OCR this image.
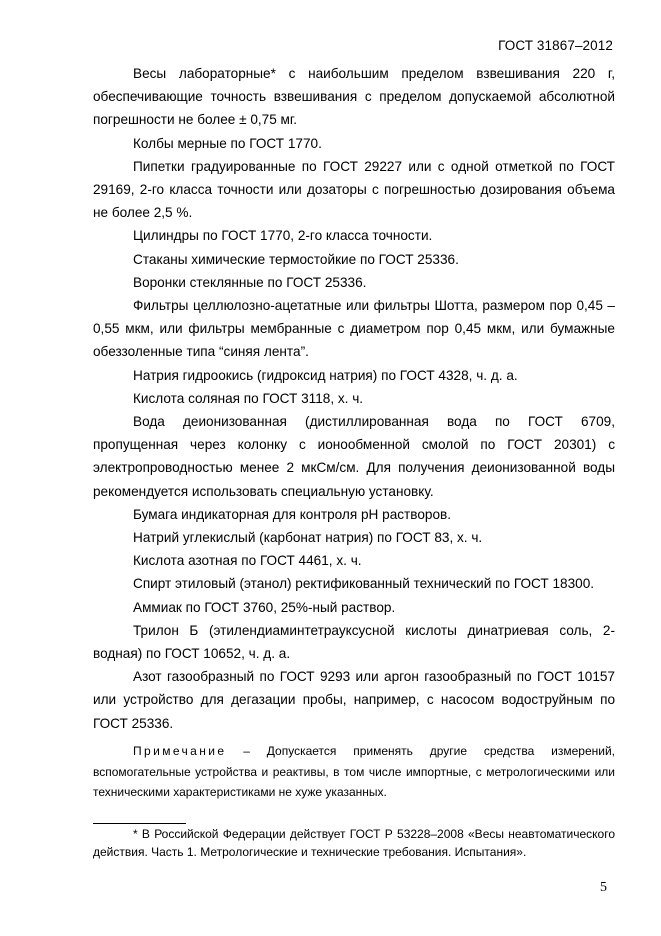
ГОСТ 31867–2012

Весы лабораторные* с наибольшим пределом взвешивания 220 г, обеспечивающие точность взвешивания с пределом допускаемой абсолютной погрешности не более ± 0,75 мг.

Колбы мерные по ГОСТ 1770.

Пипетки градуированные по ГОСТ 29227 или с одной отметкой по ГОСТ 29169, 2-го класса точности или дозаторы с погрешностью дозирования объема не более 2,5 %.

Цилиндры по ГОСТ 1770, 2-го класса точности.

Стаканы химические термостойкие по ГОСТ 25336.

Воронки стеклянные по ГОСТ 25336.

Фильтры целлюлозно-ацетатные или фильтры Шотта, размером пор 0,45 – 0,55 мкм, или фильтры мембранные с диаметром пор 0,45 мкм, или бумажные обеззоленные типа “синяя лента”.

Натрия гидроокись (гидроксид натрия) по ГОСТ 4328, ч. д. а.

Кислота соляная по ГОСТ 3118, х. ч.

Вода деионизованная (дистиллированная вода по ГОСТ 6709, пропущенная через колонку с ионообменной смолой по ГОСТ 20301) с электропроводностью менее 2 мкСм/см. Для получения деионизованной воды рекомендуется использовать специальную установку.

Бумага индикаторная для контроля pH растворов.

Натрий углекислый (карбонат натрия) по ГОСТ 83, х. ч.

Кислота азотная по ГОСТ 4461, х. ч.

Спирт этиловый (этанол) ректификованный технический по ГОСТ 18300.

Аммиак по ГОСТ 3760, 25%-ный раствор.

Трилон Б (этилендиаминтетрауксусной кислоты динатриевая соль, 2-водная) по ГОСТ 10652, ч. д. а.

Азот газообразный по ГОСТ 9293 или аргон газообразный по ГОСТ 10157 или устройство для дегазации пробы, например, с насосом водоструйным по ГОСТ 25336.

Примечание – Допускается применять другие средства измерений, вспомогательные устройства и реактивы, в том числе импортные, с метрологическими или техническими характеристиками не хуже указанных.

* В Российской Федерации действует ГОСТ Р 53228–2008 «Весы неавтоматического действия. Часть 1. Метрологические и технические требования. Испытания».

5
